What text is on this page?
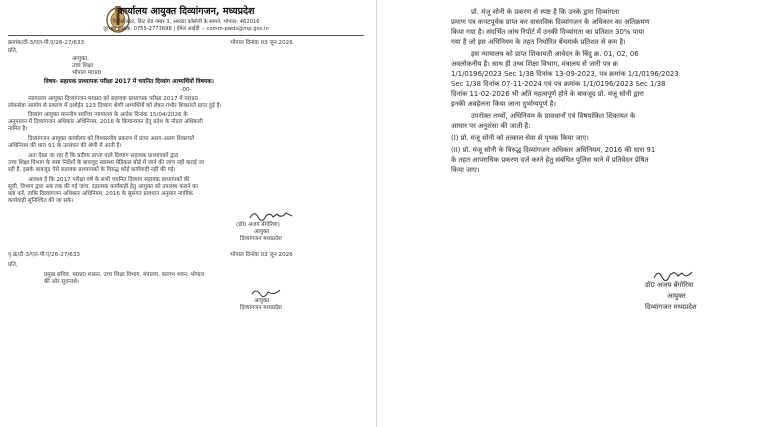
कार्यालय आयुक्त दिव्यांगजन, मध्यप्रदेश
रिसोर्स सेंटर, किट रोड नम्बर 3, अरवडा कॉलोनी के सामने, भोपाल- 462016
दूरभाष क्रमांक: 0755-2773698 | ईमेल आईडी :- comm-pwds@mp.gov.in
क्रमांक/टी-3/एल-पी.ए/26-27/633	भोपाल दिनांक 03 जून 2026
प्रति,
आयुक्त,
उच्च शिक्षा
भोपाल म0प्र0
विषय- सहायक प्राध्यापक परीक्षा 2017 में चयनित दिव्यांग आभ्यर्थियों विषयक।
-00-
न्यायालय आयुक्त दिव्यांगजन म0प्र0 को सहायक प्राध्यापक परीक्षा 2017 में म0प्र0
लोकसेवा आयोग से प्रकरण में दर्शाईत 123 दिव्यांग श्रेणी अभ्यर्थियों को लेकर गंभीर शिकायतें प्राप्त हुई है।
दिव्यांग आयुक्त माननीय सर्वोच्च न्यायालय के आदेश दिनांक 15/04/2026 के
अनुपालन में दिव्यांगजन अधिकार अधिनियम, 2016 के क्रियान्वयन हेतु प्रदेश के नोडल अधिकारी
नामित है।
दिव्यांगजन आयुक्त कार्यालय को विश्वसनीय प्रकरण में प्राप्त अलग-अलग शिकायतें
अधिनियम की धारा 91 के उल्लंघन की श्रेणी में आती है।
अतः देखा जा रहा है कि प्रदीप्य प्राप्ता वाले दिव्यांग सहायक प्राध्यापकों द्वारा
उच्च शिक्षा विभाग के स्पष्ट निर्देशों के बावजूद स्वास्थ्य मेडिकल बोर्ड में जाने की जांच नहीं कराई जा
रही है, इसके बावजूद ऐसे सहायक प्राध्यापकों के विरुद्ध कोई कार्यवाही नहीं की गई।
आवश्य है कि 2017 परीक्षा वर्ष के सभी चयनित दिव्यांग सहायक प्राध्यापकों की
सूची, विभाग द्वारा अब तक की गई जांच, दंडात्मक कार्यवाही हेतु आयुक्त को उपलब्ध कराने का
कष्ट करें, ताकि दिव्यांगजन अधिकार अधिनियम, 2016 के सुसंगत प्रावधान अनुसार न्यायिक
कार्यवाही सुनिश्चित की जा सके।
(डॉ0 अजय बेंगोरिया)
आयुक्त
दिव्यांगजन मध्यप्रदेश
पृ.क्रं/टी-3/एल-पी.ए/26-27/633	भोपाल दिनांक 03 जून 2026
प्रति,
प्रमुख सचिव, म0प्र0 शासन, उच्च शिक्षा विभाग, मंत्रालय, वल्लभ भवन, भोपाल
की ओर सूचनार्थ।
आयुक्त
दिव्यांगजन मध्यप्रदेश
प्रो. मंजू सोनी के प्रकरण से स्पष्ट है कि उनके द्वारा दिव्यांगता
प्रमाण पत्र कपटपूर्वक प्राप्त कर वास्तविक दिव्यांगजन के अधिकार का अतिक्रमण
किया गया है। संदर्भित जांच रिपोर्ट में उनकी दिव्यांगता का प्रतिशत 30% पाया
गया है जो इस अधिनियम के तहत निर्धारित बेंचमार्क प्रतिशत से कम है।
इस न्यायालय को प्राप्त शिकायती आवेदन के बिंदु क्र. 01, 02, 06
अवलोकनीय है। साथ ही उच्च शिक्षा विभाग, मंत्रालय से जारी पत्र क्र
1/1/0196/2023 Sec 1/38 दिनांक 13-09-2023, पत्र क्रमांक 1/1/0196/2023
Sec 1/38 दिनांक 07-11-2024 एवं पत्र क्रमांक 1/1/0196/2023 Sec 1/38
दिनांक 11-02-2026 भी अति महत्वपूर्ण होने के बावजूद प्रो. मंजू सोनी द्वारा
इनकी अवहेलना किया जाना दुर्भाग्यपूर्ण है।
उपरोक्त तथ्यों, अधिनियम के प्रावधानों एवं विषयांकित शिकायत के
आधार पर अनुशंसा की जाती है:
(I) प्रो. मंजू सोनी को तत्काल सेवा से पृथक किया जाए।
(II) प्रो. मंजू सोनी के विरुद्ध दिव्यांगजन अधिकार अधिनियम, 2016 की धारा 91
के तहत आपराधिक प्रकरण दर्ज करने हेतु संबंधित पुलिस थाने में प्रतिवेदन प्रेषित
किया जाए।
डॉ0 अजय बेंगोरिया
आयुक्त
दिव्यांगजन मध्यप्रदेश
